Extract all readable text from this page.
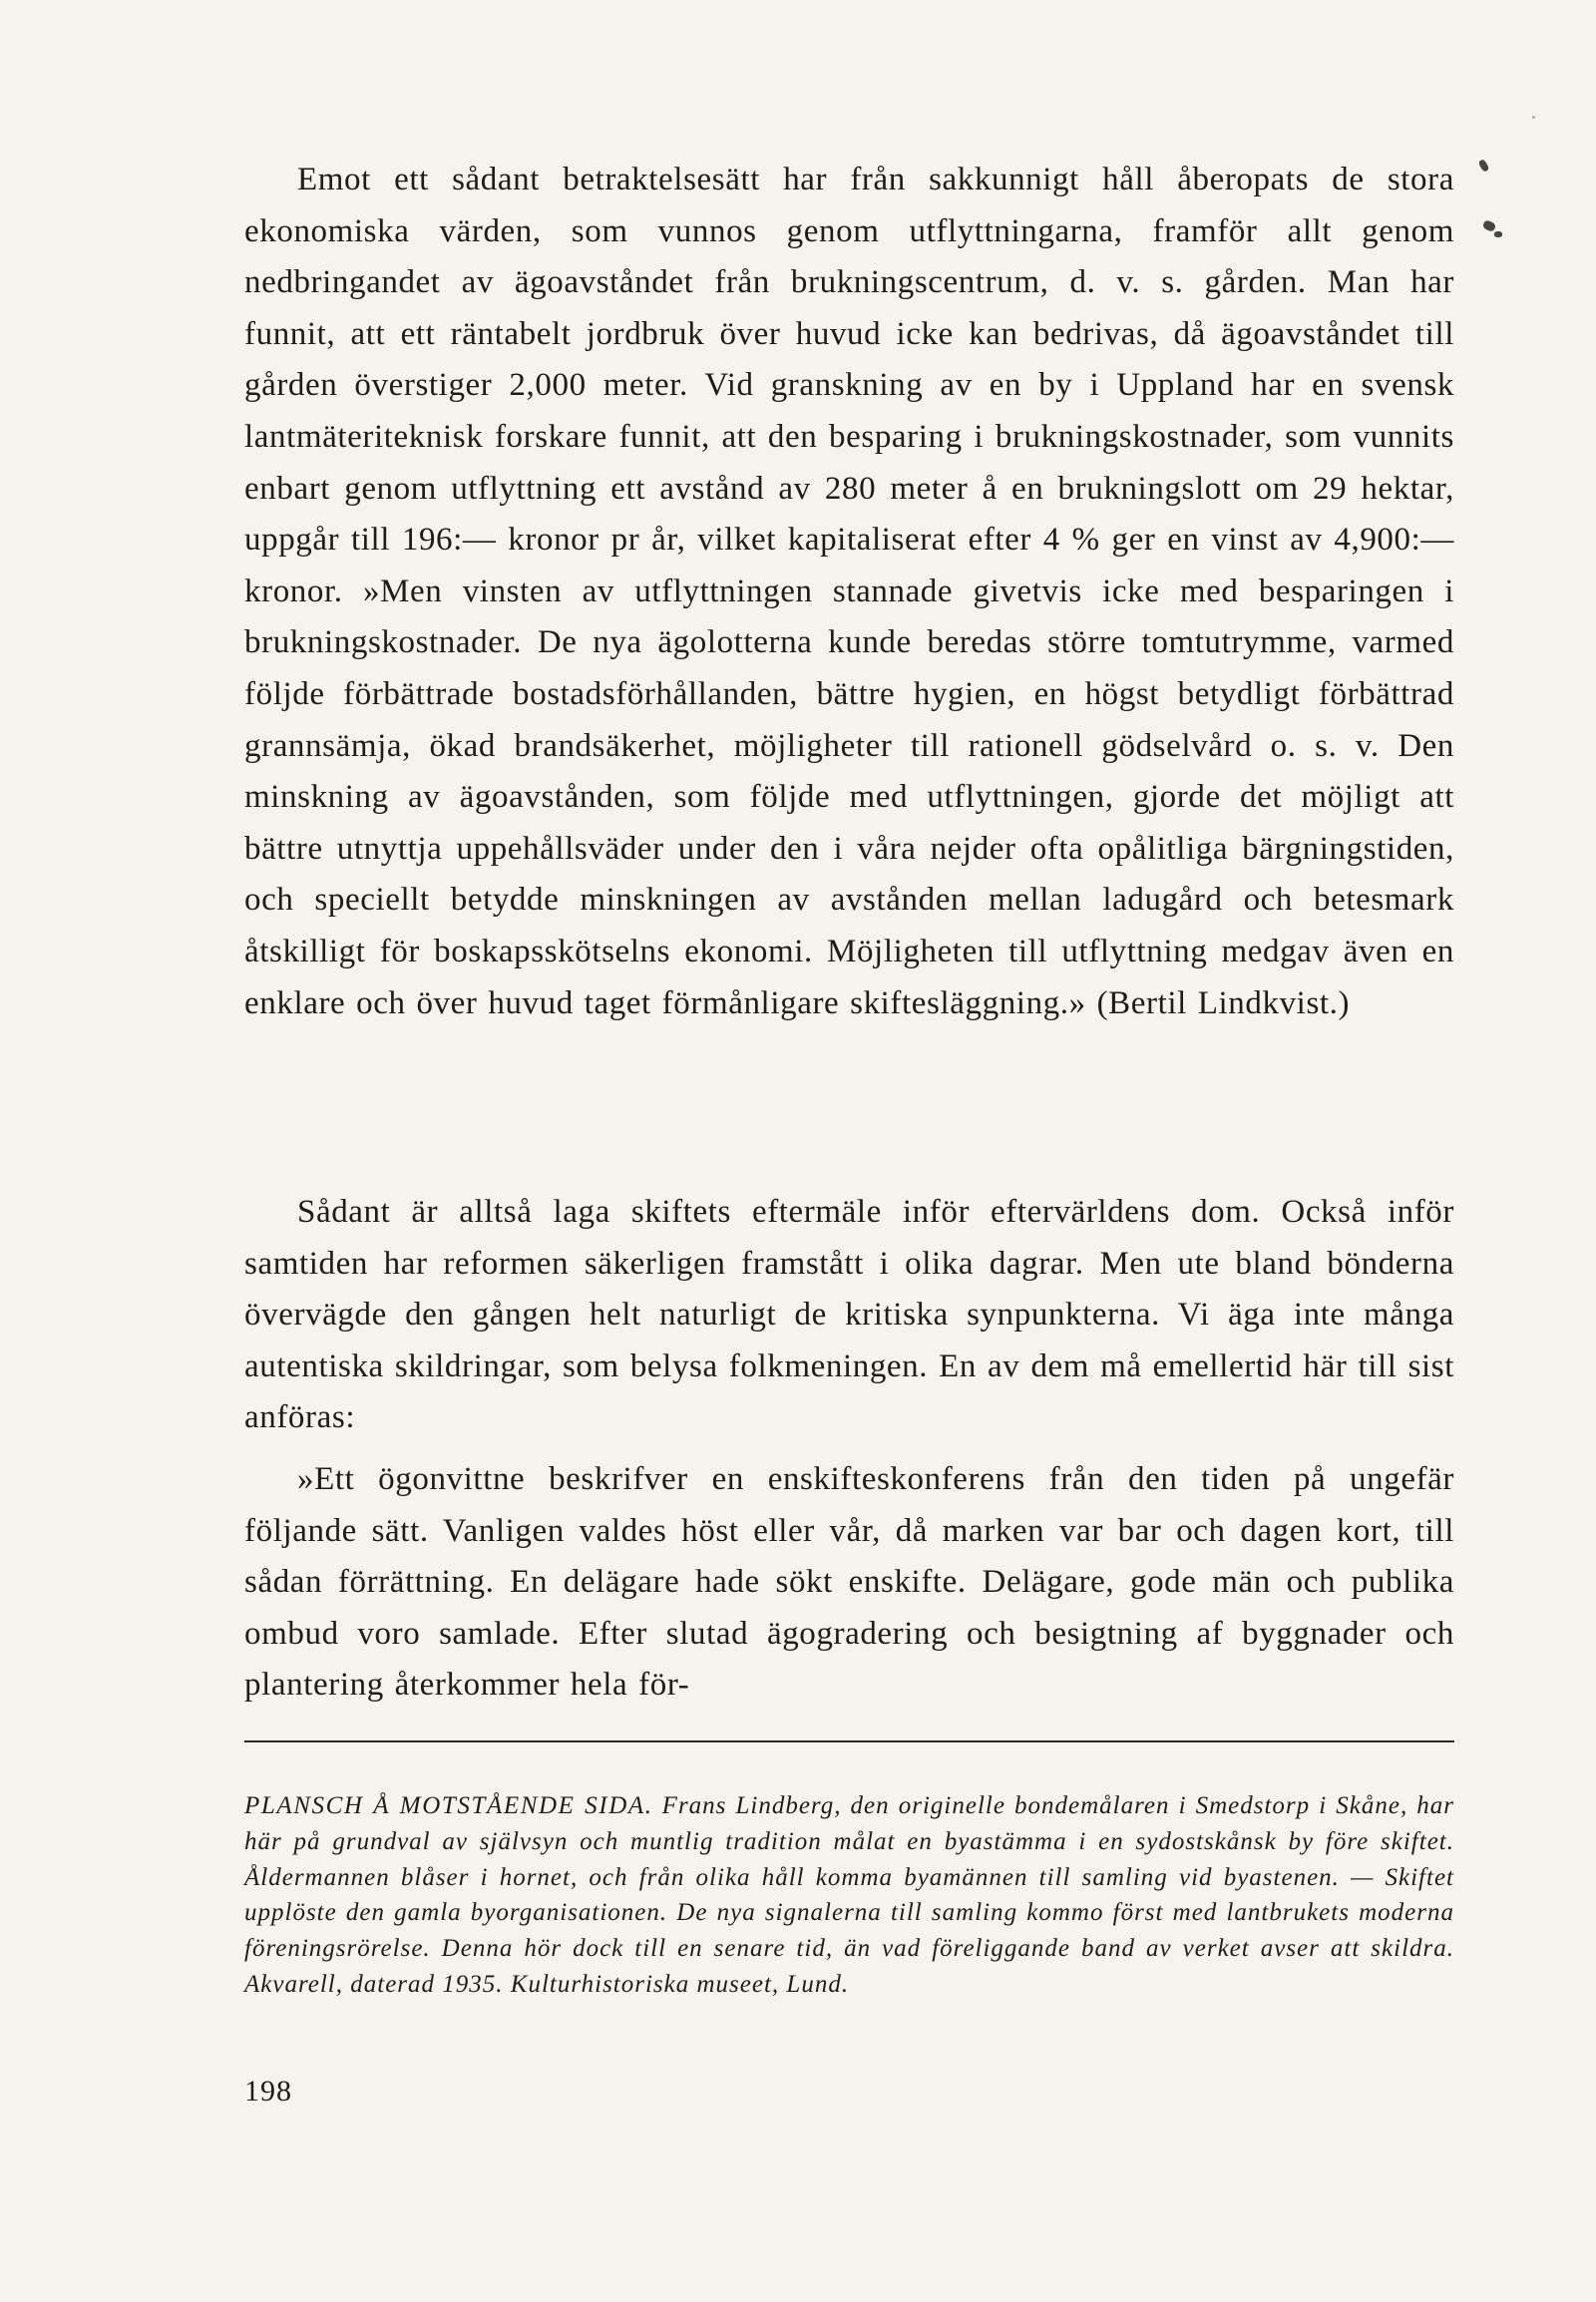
Emot ett sådant betraktelsesätt har från sakkunnigt håll åberopats de stora ekonomiska värden, som vunnos genom utflyttningarna, framför allt genom nedbringandet av ägoavståndet från brukningscentrum, d. v. s. gården. Man har funnit, att ett räntabelt jordbruk över huvud icke kan bedrivas, då ägoavståndet till gården överstiger 2,000 meter. Vid granskning av en by i Uppland har en svensk lantmäteriteknisk forskare funnit, att den besparing i brukningskostnader, som vunnits enbart genom utflyttning ett avstånd av 280 meter å en brukningslott om 29 hektar, uppgår till 196:— kronor pr år, vilket kapitaliserat efter 4 % ger en vinst av 4,900:— kronor. »Men vinsten av utflyttningen stannade givetvis icke med besparingen i brukningskostnader. De nya ägolotterna kunde beredas större tomtutrymme, varmed följde förbättrade bostadsförhållanden, bättre hygien, en högst betydligt förbättrad grannsämja, ökad brandsäkerhet, möjligheter till rationell gödselvård o. s. v. Den minskning av ägoavstånden, som följde med utflyttningen, gjorde det möjligt att bättre utnyttja uppehållsväder under den i våra nejder ofta opålitliga bärgningstiden, och speciellt betydde minskningen av avstånden mellan ladugård och betesmark åtskilligt för boskapsskötselns ekonomi. Möjligheten till utflyttning medgav även en enklare och över huvud taget förmånligare skiftesläggning.» (Bertil Lindkvist.)

Sådant är alltså laga skiftets eftermäle inför eftervärldens dom. Också inför samtiden har reformen säkerligen framstått i olika dagrar. Men ute bland bönderna övervägde den gången helt naturligt de kritiska synpunkterna. Vi äga inte många autentiska skildringar, som belysa folkmeningen. En av dem må emellertid här till sist anföras:

»Ett ögonvittne beskrifver en enskifteskonferens från den tiden på ungefär följande sätt. Vanligen valdes höst eller vår, då marken var bar och dagen kort, till sådan förrättning. En delägare hade sökt enskifte. Delägare, gode män och publika ombud voro samlade. Efter slutad ägogradering och besigtning af byggnader och plantering återkommer hela för-

PLANSCH Å MOTSTÅENDE SIDA. Frans Lindberg, den originelle bondemålaren i Smedstorp i Skåne, har här på grundval av självsyn och muntlig tradition målat en byastämma i en sydostskånsk by före skiftet. Åldermannen blåser i hornet, och från olika håll komma byamännen till samling vid byastenen. — Skiftet upplöste den gamla byorganisationen. De nya signalerna till samling kommo först med lantbrukets moderna föreningsrörelse. Denna hör dock till en senare tid, än vad föreliggande band av verket avser att skildra. Akvarell, daterad 1935. Kulturhistoriska museet, Lund.

198
